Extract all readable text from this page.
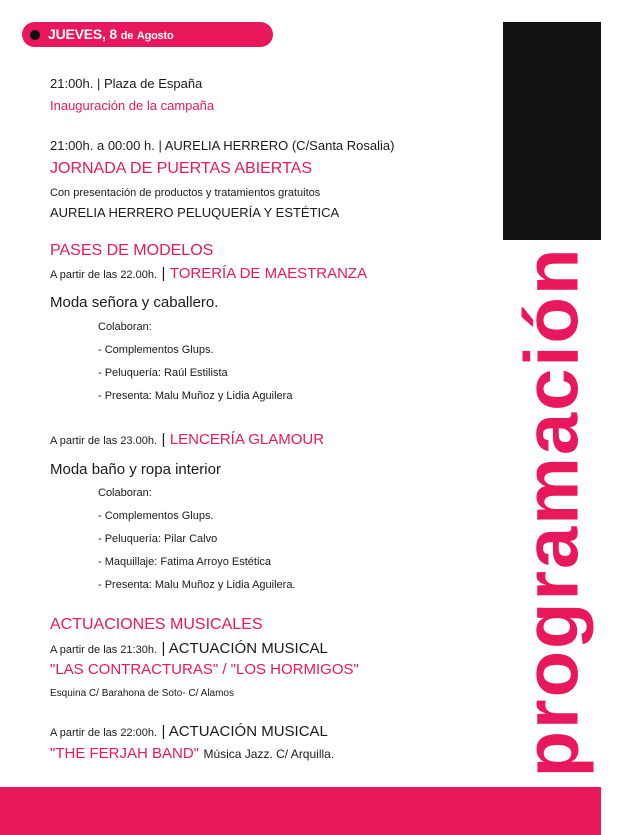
JUEVES, 8 de Agosto
programación
21:00h. | Plaza de España
Inauguración de la campaña
21:00h. a 00:00 h. | AURELIA HERRERO (C/Santa Rosalia)
JORNADA DE PUERTAS ABIERTAS
Con presentación de productos y tratamientos gratuitos
AURELIA HERRERO PELUQUERÍA Y ESTÉTICA
PASES DE MODELOS
A partir de las 22.00h. | TORERÍA DE MAESTRANZA
Moda señora y caballero.
Colaboran:
- Complementos Glups.
- Peluquería: Raúl Estilista
- Presenta: Malu Muñoz y Lidia Aguilera
A partir de las 23.00h. | LENCERÍA GLAMOUR
Moda baño y ropa interior
Colaboran:
- Complementos Glups.
- Peluquería: Pilar Calvo
- Maquillaje: Fatima Arroyo Estética
- Presenta: Malu Muñoz y Lidia Aguilera.
ACTUACIONES MUSICALES
A partir de las 21:30h. | ACTUACIÓN MUSICAL
"LAS CONTRACTURAS" / "LOS HORMIGOS"
Esquina C/ Barahona de Soto- C/ Alamos
A partir de las 22:00h. | ACTUACIÓN MUSICAL
"THE FERJAH BAND" Música Jazz. C/ Arquilla.
